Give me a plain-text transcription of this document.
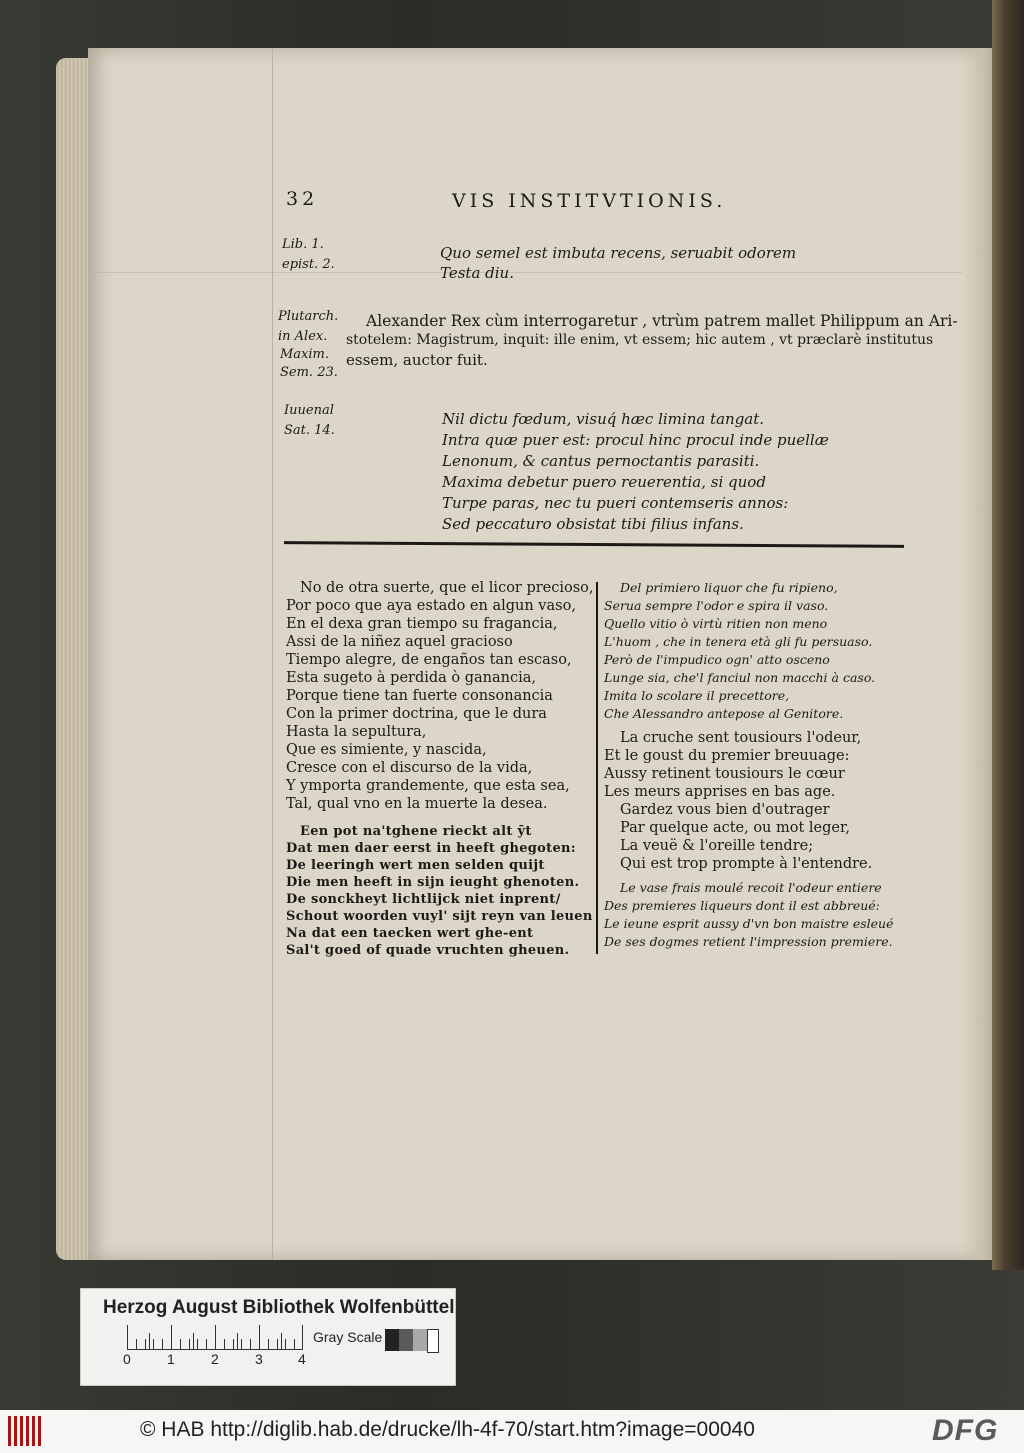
32	VIS INSTITVTIONIS.
Lib. 1.
epist. 2.
Quo semel est imbuta recens, seruabit odorem
Testa diu.
Plutarch.
in Alex.
Maxim.
Sem. 23.
Alexander Rex cùm interrogaretur , vtrùm patrem mallet Philippum an Ari-
stotelem: Magistrum, inquit: ille enim, vt essem; hic autem , vt præclarè institutus
essem, auctor fuit.
Iuuenal
Sat. 14.
Nil dictu fœdum, visuq́ hæc limina tangat.
Intra quæ puer est: procul hinc procul inde puellæ
Lenonum, & cantus pernoctantis parasiti.
Maxima debetur puero reuerentia, si quod
Turpe paras, nec tu pueri contemseris annos:
Sed peccaturo obsistat tibi filius infans.
No de otra suerte, que el licor precioso,
Por poco que aya estado en algun vaso,
En el dexa gran tiempo su fragancia,
Assi de la niñez aquel gracioso
Tiempo alegre, de engaños tan escaso,
Esta sugeto à perdida ò ganancia,
Porque tiene tan fuerte consonancia
Con la primer doctrina, que le dura
Hasta la sepultura,
Que es simiente, y nascida,
Cresce con el discurso de la vida,
Y ymporta grandemente, que esta sea,
Tal, qual vno en la muerte la desea.
Een pot na'tghene rieckt alt ȳt
Dat men daer eerst in heeft ghegoten:
De leeringh wert men selden quijt
Die men heeft in sijn ieught ghenoten.
De sonckheyt lichtlijck niet inprent/
Schout woorden vuyl' sijt reyn van leuen
Na dat een taecken wert ghe-ent
Sal't goed of quade vruchten gheuen.
Del primiero liquor che fu ripieno,
Serua sempre l'odor e spira il vaso.
Quello vitio ò virtù ritien non meno
L'huom , che in tenera età gli fu persuaso.
Però de l'impudico ogn' atto osceno
Lunge sia, che'l fanciul non macchi à caso.
Imita lo scolare il precettore,
Che Alessandro antepose al Genitore.
La cruche sent tousiours l'odeur,
Et le goust du premier breuuage:
Aussy retinent tousiours le cœur
Les meurs apprises en bas age.
Gardez vous bien d'outrager
Par quelque acte, ou mot leger,
La veuë & l'oreille tendre;
Qui est trop prompte à l'entendre.
Le vase frais moulé recoit l'odeur entiere
Des premieres liqueurs dont il est abbreué:
Le ieune esprit aussy d'vn bon maistre esleué
De ses dogmes retient l'impression premiere.
Herzog August Bibliothek Wolfenbüttel
0	1	2	3	4
Gray Scale
© HAB http://diglib.hab.de/drucke/lh-4f-70/start.htm?image=00040	DFG
